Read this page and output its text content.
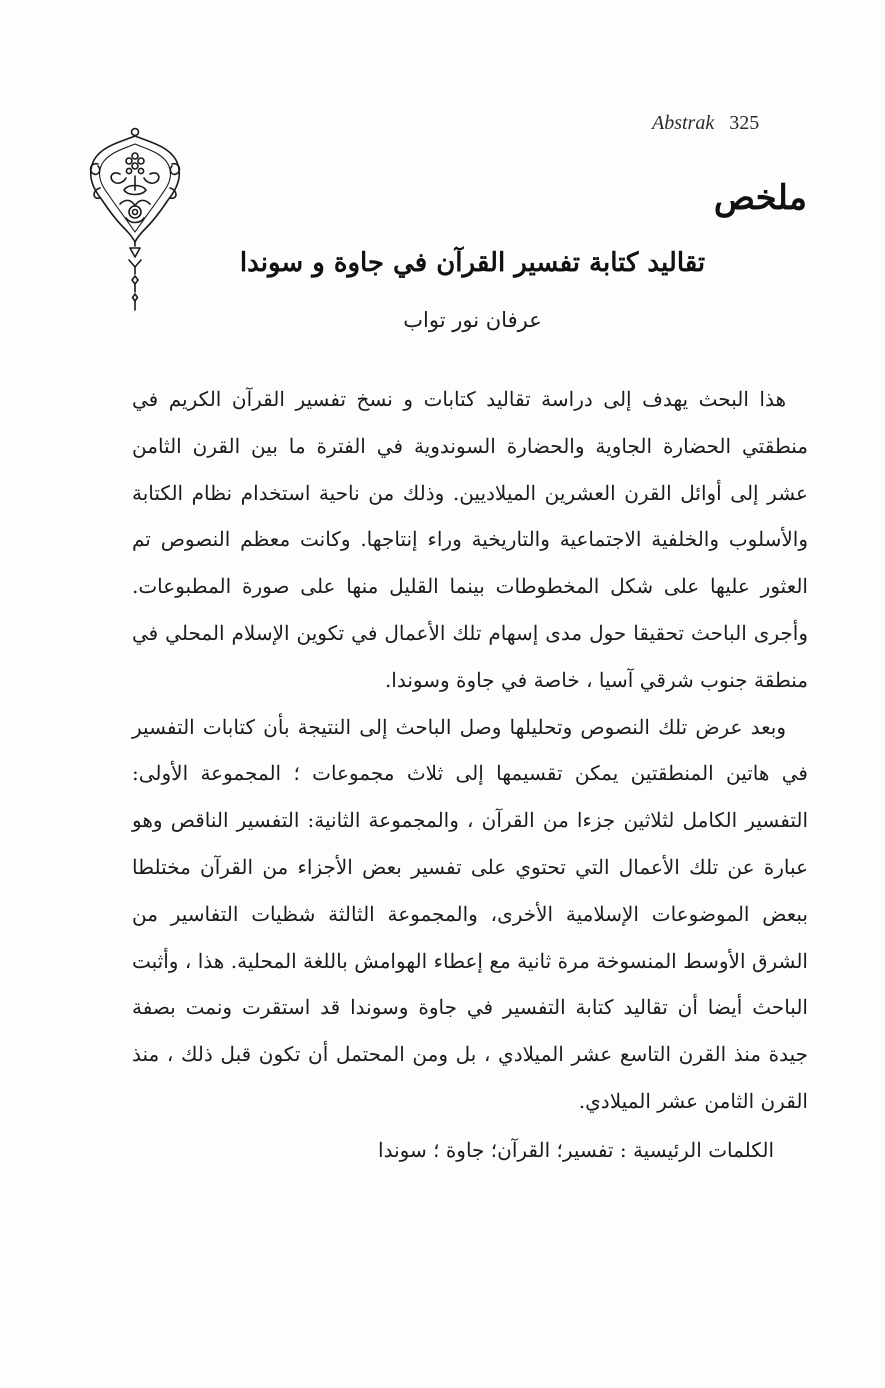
Abstrak 325
ملخص
تقاليد كتابة تفسير القرآن في جاوة و سوندا
عرفان نور تواب

هذا البحث يهدف إلى دراسة تقاليد كتابات و نسخ تفسير القرآن الكريم في منطقتي الحضارة الجاوية والحضارة السوندوية في الفترة ما بين القرن الثامن عشر إلى أوائل القرن العشرين الميلاديين. وذلك من ناحية استخدام نظام الكتابة والأسلوب والخلفية الاجتماعية والتاريخية وراء إنتاجها. وكانت معظم النصوص تم العثور عليها على شكل المخطوطات بينما القليل منها على صورة المطبوعات. وأجرى الباحث تحقيقا حول مدى إسهام تلك الأعمال في تكوين الإسلام المحلي في منطقة جنوب شرقي آسيا ، خاصة في جاوة وسوندا.

وبعد عرض تلك النصوص وتحليلها وصل الباحث إلى النتيجة بأن كتابات التفسير في هاتين المنطقتين يمكن تقسيمها إلى ثلاث مجموعات ؛ المجموعة الأولى: التفسير الكامل لثلاثين جزءا من القرآن ، والمجموعة الثانية: التفسير الناقص وهو عبارة عن تلك الأعمال التي تحتوي على تفسير بعض الأجزاء من القرآن مختلطا ببعض الموضوعات الإسلامية الأخرى، والمجموعة الثالثة شظيات التفاسير من الشرق الأوسط المنسوخة مرة ثانية مع إعطاء الهوامش باللغة المحلية. هذا ، وأثبت الباحث أيضا أن تقاليد كتابة التفسير في جاوة وسوندا قد استقرت ونمت بصفة جيدة منذ القرن التاسع عشر الميلادي ، بل ومن المحتمل أن تكون قبل ذلك ، منذ القرن الثامن عشر الميلادي.

الكلمات الرئيسية : تفسير؛ القرآن؛ جاوة ؛ سوندا
